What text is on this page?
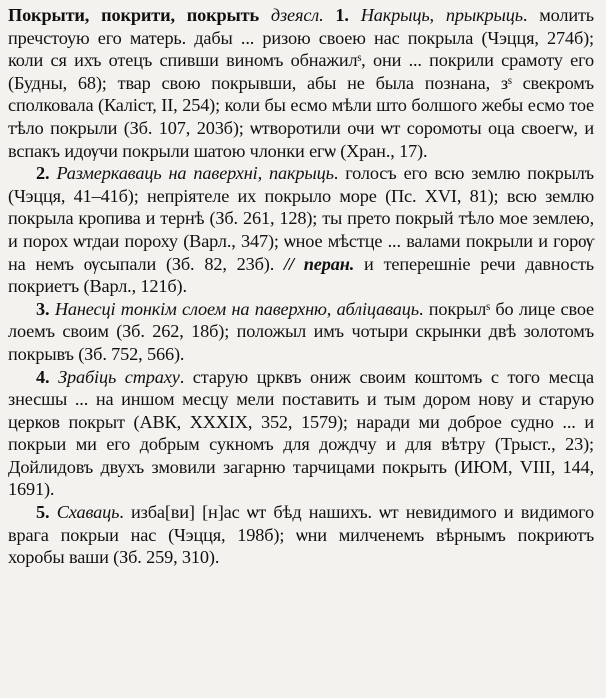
Покрыти, покрити, покрыть дзеясл. 1. Накрыць, прыкрыць. молить пречстоую его матерь. дабы ... ризою своею нас покрыла (Чэцця, 274б); коли ся ихъ отецъ спивши виномъ обнажилˢ, они ... покрили срамоту его (Будны, 68); твар свою покрывши, абы не была познана, зˢ свекромъ сполковала (Каліст, II, 254); коли бы есмо мѣли што болшого жебы есмо тое тѣло покрыли (Зб. 107, 203б); ѡтворотили очи ѡт соромоты оца своегѡ, и вспакъ идѹчи покрыли шатою члонки егѡ (Хран., 17).

2. Размеркаваць на паверхні, пакрыць. голосъ его всю землю покрылъ (Чэцця, 41–41б); непріятеле их покрыло море (Пс. XVI, 81); всю землю покрыла кропива и тернѣ (Зб. 261, 128); ты прето покрый тѣло мое землею, и порох ѡтдаи пороху (Варл., 347); ѡное мѣстце ... валами покрыли и горѹ на немъ ѹсыпали (Зб. 82, 23б). // перан. и теперешніе речи давность покриетъ (Варл., 121б).

3. Нанесці тонкім слоем на паверхню, абліцаваць. покрылˢ бо лице свое лоемъ своим (Зб. 262, 18б); положыл имъ чотыри скрынки двѣ золотомъ покрывъ (Зб. 752, 566).

4. Зрабіць страху. старую црквъ ониж своим коштомъ с того месца знесшы ... на иншом месцу мели поставить и тым дором нову и старую церков покрыт (АВК, XXXIX, 352, 1579); наради ми доброе судно ... и покрыи ми его добрым сукномъ для дождчу и для вѣтру (Трыст., 23); Дойлидовъ двухъ змовили загарню тарчицами покрыть (ИЮМ, VIII, 144, 1691).

5. Схаваць. изба[ви] [н]ас ѡт бѣд нашихъ. ѡт невидимого и видимого врага покрыи нас (Чэцця, 198б); ѡни милченемъ вѣрнымъ покриютъ хоробы ваши (Зб. 259, 310).
